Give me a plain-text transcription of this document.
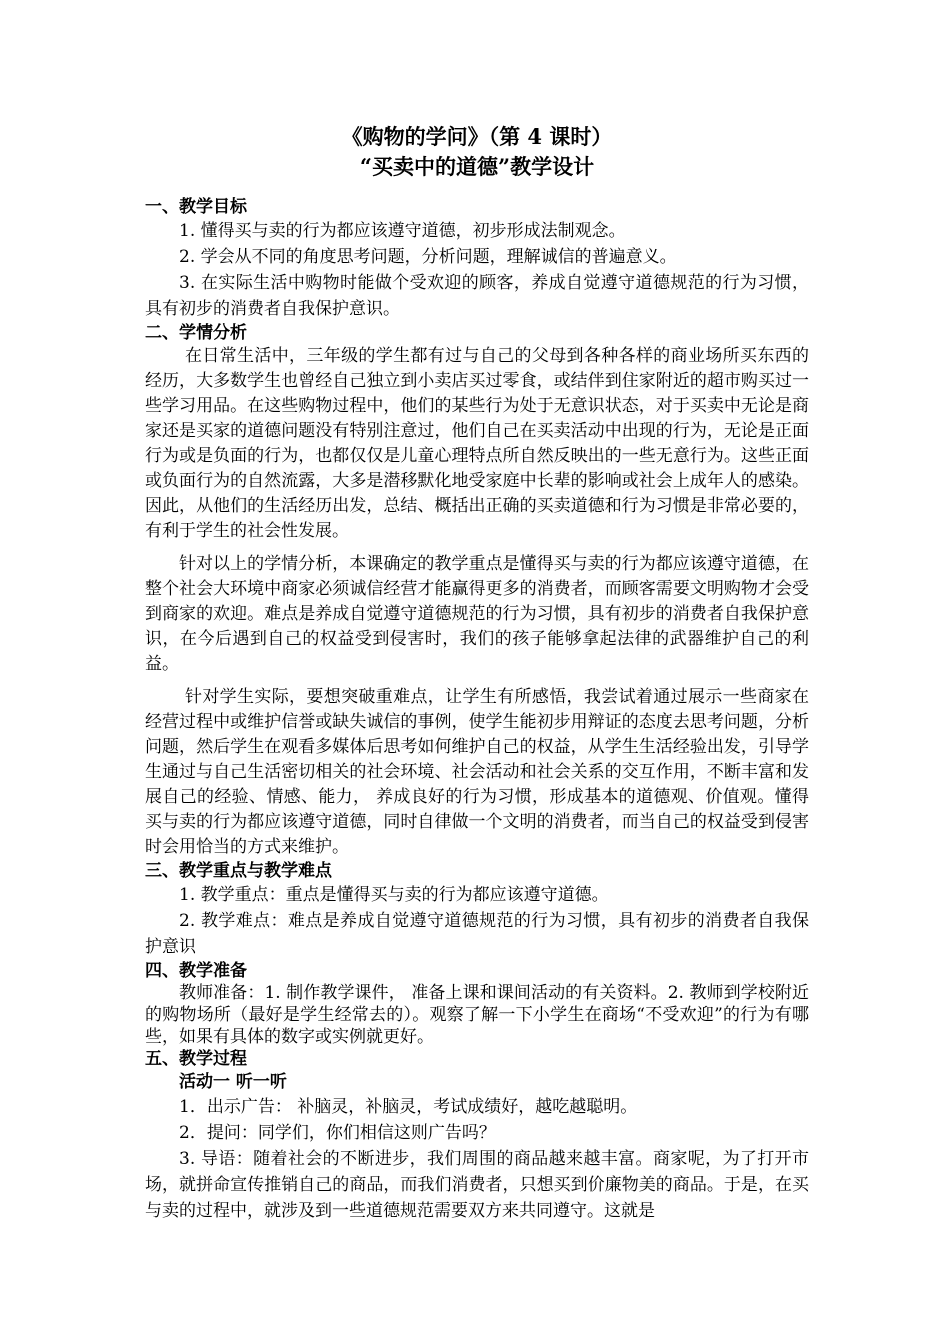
《购物的学问》（第 4 课时）
“买卖中的道德”教学设计
一、教学目标
1. 懂得买与卖的行为都应该遵守道德，初步形成法制观念。
2. 学会从不同的角度思考问题，分析问题，理解诚信的普遍意义。
3. 在实际生活中购物时能做个受欢迎的顾客，养成自觉遵守道德规范的行为习惯，具有初步的消费者自我保护意识。
二、学情分析
在日常生活中，三年级的学生都有过与自己的父母到各种各样的商业场所买东西的经历，大多数学生也曾经自己独立到小卖店买过零食，或结伴到住家附近的超市购买过一些学习用品。在这些购物过程中，他们的某些行为处于无意识状态，对于买卖中无论是商家还是买家的道德问题没有特别注意过，他们自己在买卖活动中出现的行为，无论是正面行为或是负面的行为，也都仅仅是儿童心理特点所自然反映出的一些无意行为。这些正面或负面行为的自然流露，大多是潜移默化地受家庭中长辈的影响或社会上成年人的感染。因此，从他们的生活经历出发，总结、概括出正确的买卖道德和行为习惯是非常必要的，有利于学生的社会性发展。
针对以上的学情分析，本课确定的教学重点是懂得买与卖的行为都应该遵守道德，在整个社会大环境中商家必须诚信经营才能赢得更多的消费者，而顾客需要文明购物才会受到商家的欢迎。难点是养成自觉遵守道德规范的行为习惯，具有初步的消费者自我保护意识，在今后遇到自己的权益受到侵害时，我们的孩子能够拿起法律的武器维护自己的利益。
针对学生实际，要想突破重难点，让学生有所感悟，我尝试着通过展示一些商家在经营过程中或维护信誉或缺失诚信的事例，使学生能初步用辩证的态度去思考问题，分析问题，然后学生在观看多媒体后思考如何维护自己的权益，从学生生活经验出发，引导学生通过与自己生活密切相关的社会环境、社会活动和社会关系的交互作用，不断丰富和发展自己的经验、情感、能力， 养成良好的行为习惯，形成基本的道德观、价值观。懂得买与卖的行为都应该遵守道德，同时自律做一个文明的消费者，而当自己的权益受到侵害时会用恰当的方式来维护。
三、教学重点与教学难点
1. 教学重点：重点是懂得买与卖的行为都应该遵守道德。
2. 教学难点：难点是养成自觉遵守道德规范的行为习惯，具有初步的消费者自我保护意识
四、教学准备
教师准备：1. 制作教学课件， 准备上课和课间活动的有关资料。2. 教师到学校附近的购物场所（最好是学生经常去的）。观察了解一下小学生在商场“不受欢迎”的行为有哪些，如果有具体的数字或实例就更好。
五、教学过程
活动一 听一听
1．出示广告： 补脑灵，补脑灵，考试成绩好，越吃越聪明。
2．提问：同学们，你们相信这则广告吗？
3. 导语：随着社会的不断进步，我们周围的商品越来越丰富。商家呢，为了打开市场，就拼命宣传推销自己的商品，而我们消费者，只想买到价廉物美的商品。于是，在买与卖的过程中，就涉及到一些道德规范需要双方来共同遵守。这就是
